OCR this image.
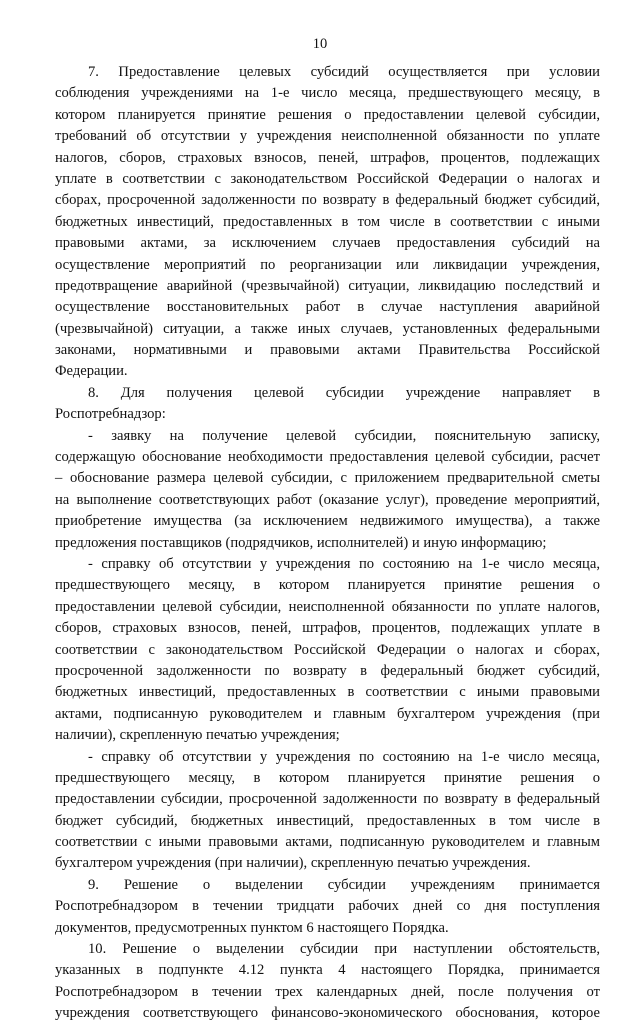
10
7. Предоставление целевых субсидий осуществляется при условии
соблюдения учреждениями на 1-е число месяца, предшествующего месяцу, в
котором планируется принятие решения о предоставлении целевой субсидии,
требований об отсутствии у учреждения неисполненной обязанности по уплате
налогов, сборов, страховых взносов, пеней, штрафов, процентов, подлежащих
уплате в соответствии с законодательством Российской Федерации о налогах и
сборах, просроченной задолженности по возврату в федеральный бюджет субсидий,
бюджетных инвестиций, предоставленных в том числе в соответствии с иными
правовыми актами, за исключением случаев предоставления субсидий на
осуществление мероприятий по реорганизации или ликвидации учреждения,
предотвращение аварийной (чрезвычайной) ситуации, ликвидацию последствий и
осуществление восстановительных работ в случае наступления аварийной
(чрезвычайной) ситуации, а также иных случаев, установленных федеральными
законами, нормативными и правовыми актами Правительства Российской
Федерации.
8. Для получения целевой субсидии учреждение направляет в
Роспотребнадзор:
- заявку на получение целевой субсидии, пояснительную записку,
содержащую обоснование необходимости предоставления целевой субсидии, расчет
– обоснование размера целевой субсидии, с приложением предварительной сметы
на выполнение соответствующих работ (оказание услуг), проведение мероприятий,
приобретение имущества (за исключением недвижимого имущества), а также
предложения поставщиков (подрядчиков, исполнителей) и иную информацию;
- справку об отсутствии у учреждения по состоянию на 1-е число месяца,
предшествующего месяцу, в котором планируется принятие решения о
предоставлении целевой субсидии, неисполненной обязанности по уплате налогов,
сборов, страховых взносов, пеней, штрафов, процентов, подлежащих уплате в
соответствии с законодательством Российской Федерации о налогах и сборах,
просроченной задолженности по возврату в федеральный бюджет субсидий,
бюджетных инвестиций, предоставленных в соответствии с иными правовыми
актами, подписанную руководителем и главным бухгалтером учреждения (при
наличии), скрепленную печатью учреждения;
- справку об отсутствии у учреждения по состоянию на 1-е число месяца,
предшествующего месяцу, в котором планируется принятие решения о
предоставлении субсидии, просроченной задолженности по возврату в федеральный
бюджет субсидий, бюджетных инвестиций, предоставленных в том числе в
соответствии с иными правовыми актами, подписанную руководителем и главным
бухгалтером учреждения (при наличии), скрепленную печатью учреждения.
9. Решение о выделении субсидии учреждениям принимается
Роспотребнадзором в течении тридцати рабочих дней со дня поступления
документов, предусмотренных пунктом 6 настоящего Порядка.
10. Решение о выделении субсидии при наступлении обстоятельств,
указанных в подпункте 4.12 пункта 4 настоящего Порядка, принимается
Роспотребнадзором в течении трех календарных дней, после получения от
учреждения соответствующего финансово-экономического обоснования, которое
